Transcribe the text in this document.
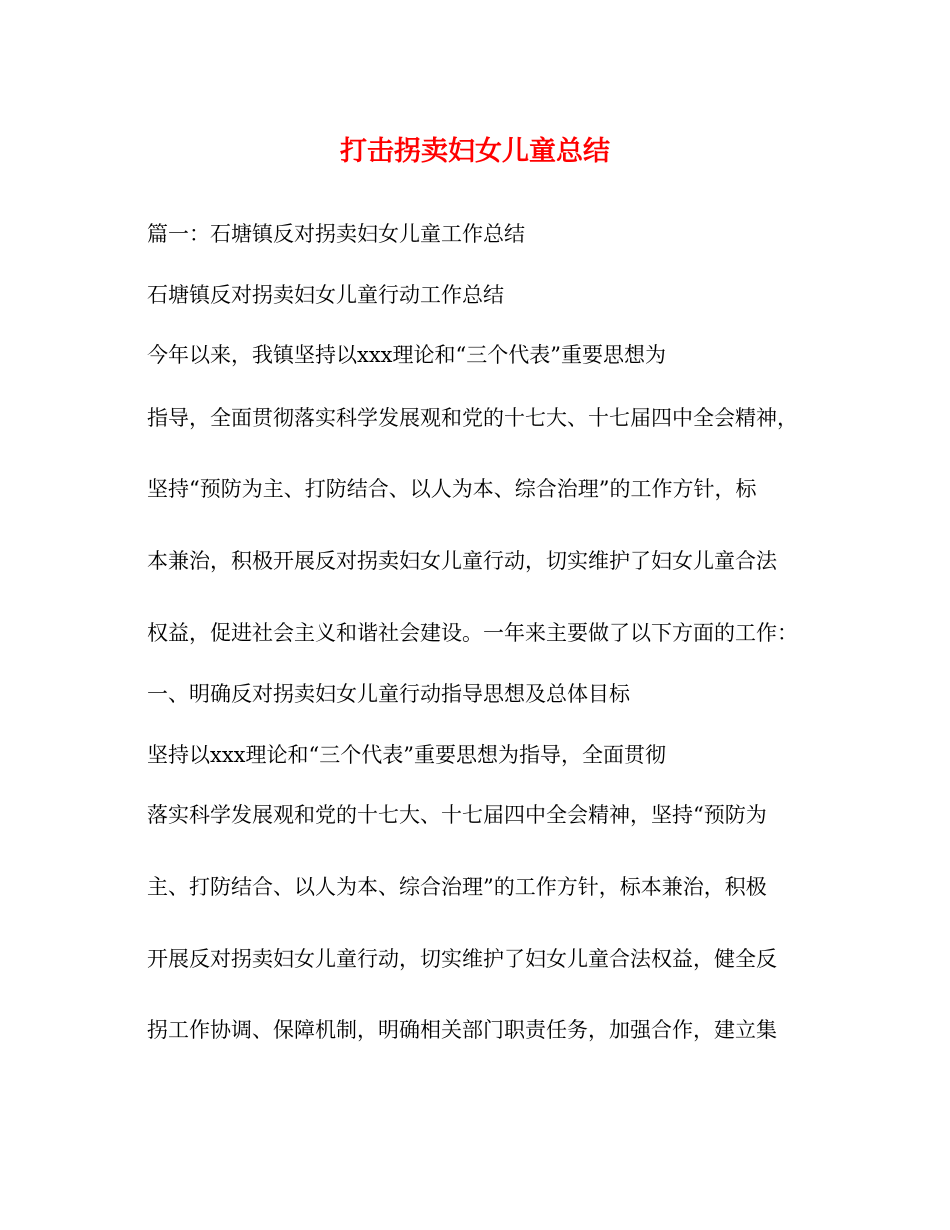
打击拐卖妇女儿童总结
篇一：石塘镇反对拐卖妇女儿童工作总结
石塘镇反对拐卖妇女儿童行动工作总结
今年以来，我镇坚持以xxx理论和“三个代表”重要思想为
指导，全面贯彻落实科学发展观和党的十七大、十七届四中全会精神，
坚持“预防为主、打防结合、以人为本、综合治理”的工作方针，标
本兼治，积极开展反对拐卖妇女儿童行动，切实维护了妇女儿童合法
权益，促进社会主义和谐社会建设。一年来主要做了以下方面的工作：
一、明确反对拐卖妇女儿童行动指导思想及总体目标
坚持以xxx理论和“三个代表”重要思想为指导，全面贯彻
落实科学发展观和党的十七大、十七届四中全会精神，坚持“预防为
主、打防结合、以人为本、综合治理”的工作方针，标本兼治，积极
开展反对拐卖妇女儿童行动，切实维护了妇女儿童合法权益，健全反
拐工作协调、保障机制，明确相关部门职责任务，加强合作，建立集
